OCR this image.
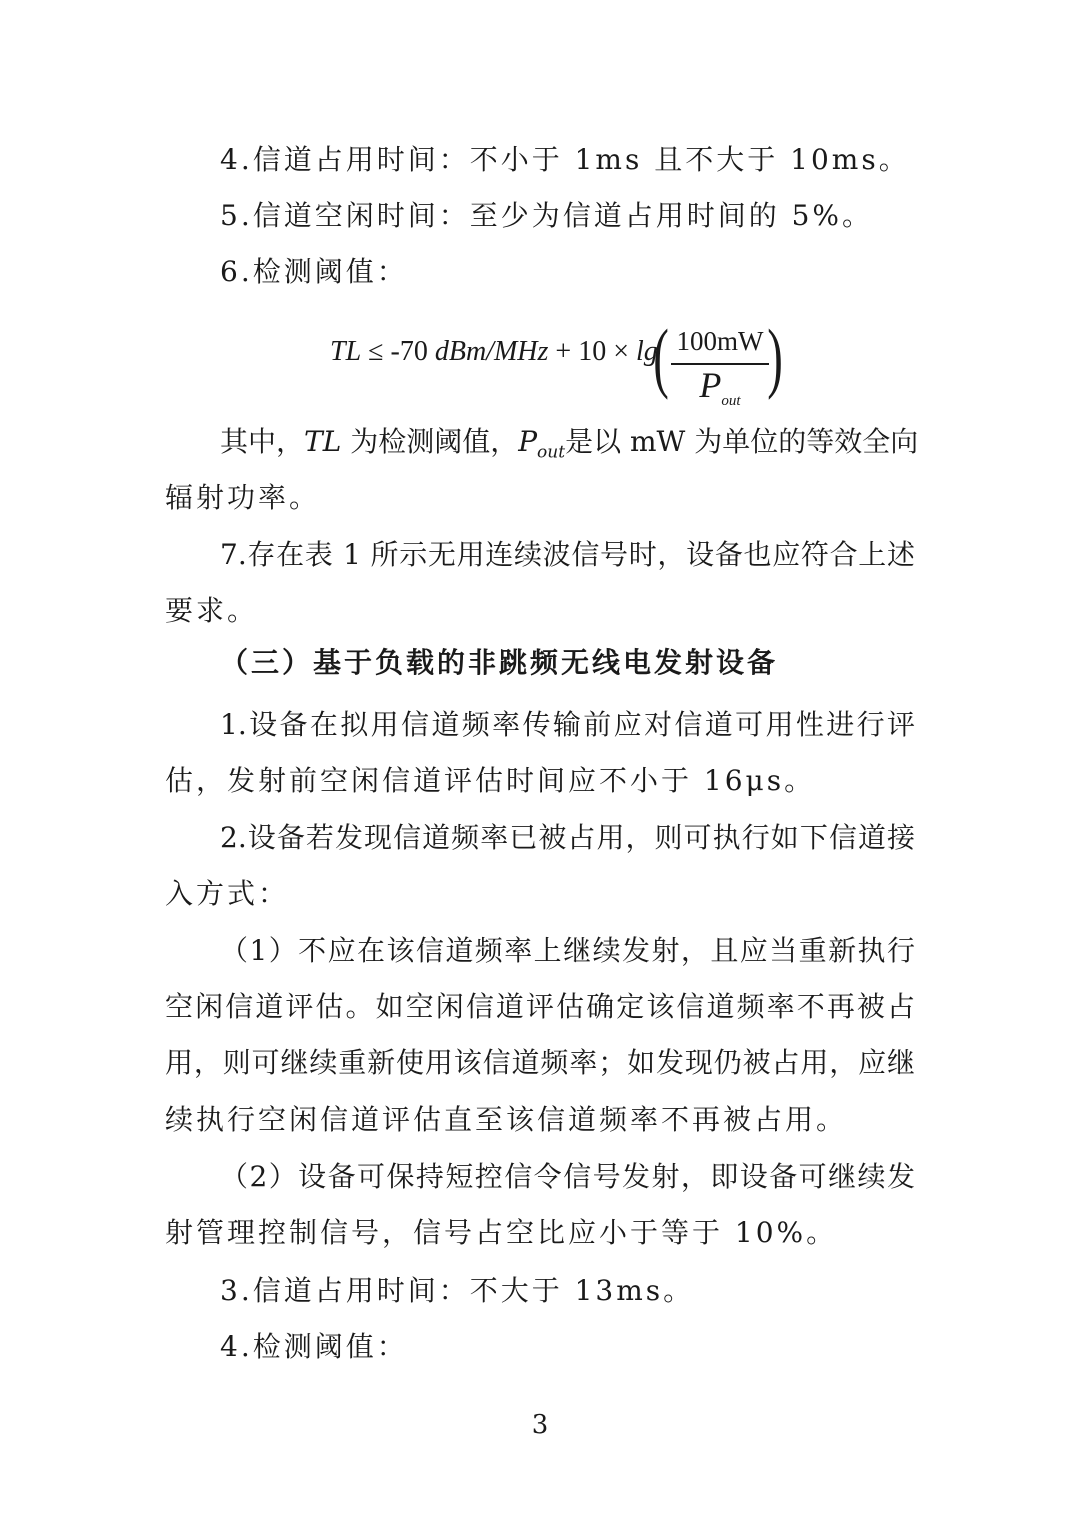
4.信道占用时间：不小于 1ms 且不大于 10ms。
5.信道空闲时间：至少为信道占用时间的 5%。
6.检测阈值：
TL ≤ -70 dBm/MHz + 10 × lg
( 100mW
$P_{out}$
)
其中，TL 为检测阈值，$P_{out}$是以 mW 为单位的等效全向
辐射功率。
7.存在表 1 所示无用连续波信号时，设备也应符合上述
要求。
（三）基于负载的非跳频无线电发射设备
1.设备在拟用信道频率传输前应对信道可用性进行评
估，发射前空闲信道评估时间应不小于 16μs。
2.设备若发现信道频率已被占用，则可执行如下信道接
入方式：
（1）不应在该信道频率上继续发射，且应当重新执行
空闲信道评估。如空闲信道评估确定该信道频率不再被占
用，则可继续重新使用该信道频率；如发现仍被占用，应继
续执行空闲信道评估直至该信道频率不再被占用。
（2）设备可保持短控信令信号发射，即设备可继续发
射管理控制信号，信号占空比应小于等于 10%。
3.信道占用时间：不大于 13ms。
4.检测阈值：
3
